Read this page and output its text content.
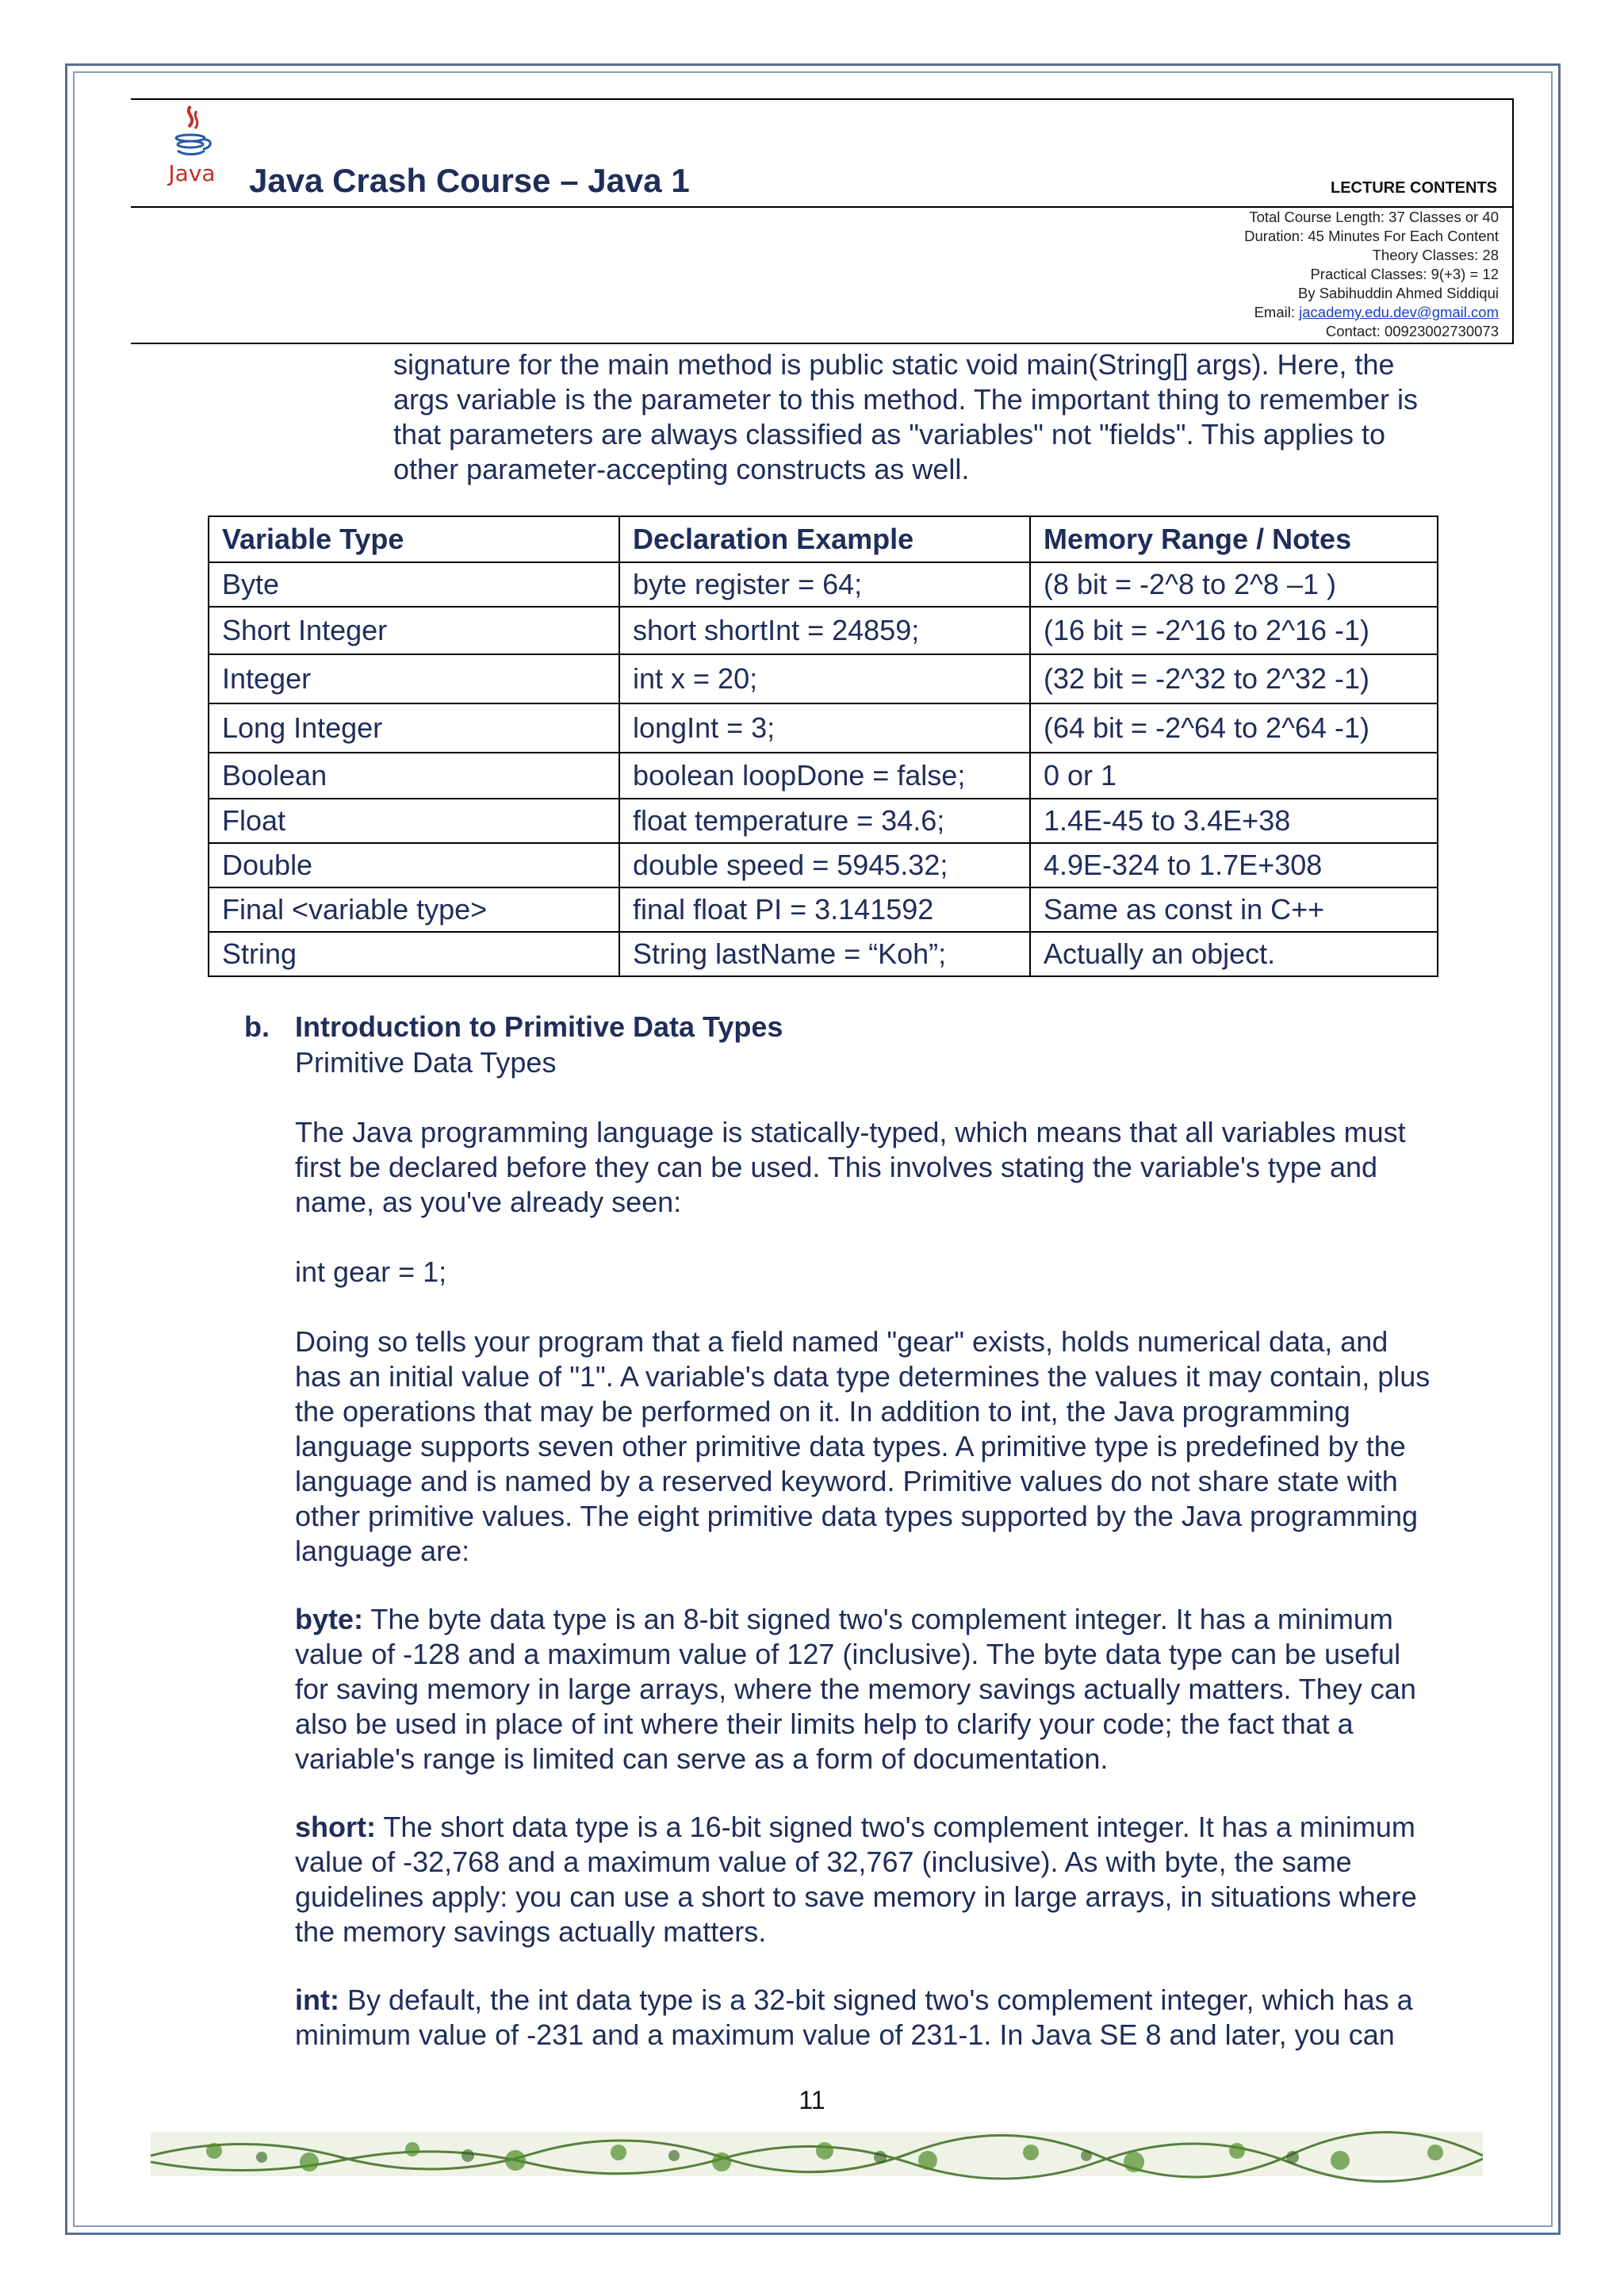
Java Java Crash Course – Java 1	LECTURE CONTENTS
Total Course Length: 37 Classes or 40
Duration: 45 Minutes For Each Content
Theory Classes: 28
Practical Classes: 9(+3) = 12
By Sabihuddin Ahmed Siddiqui
Email: jacademy.edu.dev@gmail.com
Contact: 00923002730073
signature for the main method is public static void main(String[] args). Here, the
args variable is the parameter to this method. The important thing to remember is
that parameters are always classified as "variables" not "fields". This applies to
other parameter-accepting constructs as well.
Variable Type	Declaration Example	Memory Range / Notes
Byte	byte register = 64;	(8 bit = -2^8 to 2^8 –1 )
Short Integer	short shortInt = 24859;	(16 bit = -2^16 to 2^16 -1)
Integer	int x = 20;	(32 bit = -2^32 to 2^32 -1)
Long Integer	longInt = 3;	(64 bit = -2^64 to 2^64 -1)
Boolean	boolean loopDone = false;	0 or 1
Float	float temperature = 34.6;	1.4E-45 to 3.4E+38
Double	double speed = 5945.32;	4.9E-324 to 1.7E+308
Final <variable type>	final float PI = 3.141592	Same as const in C++
String	String lastName = “Koh”;	Actually an object.
b. Introduction to Primitive Data Types
Primitive Data Types
The Java programming language is statically-typed, which means that all variables must
first be declared before they can be used. This involves stating the variable's type and
name, as you've already seen:
int gear = 1;
Doing so tells your program that a field named "gear" exists, holds numerical data, and
has an initial value of "1". A variable's data type determines the values it may contain, plus
the operations that may be performed on it. In addition to int, the Java programming
language supports seven other primitive data types. A primitive type is predefined by the
language and is named by a reserved keyword. Primitive values do not share state with
other primitive values. The eight primitive data types supported by the Java programming
language are:
byte: The byte data type is an 8-bit signed two's complement integer. It has a minimum
value of -128 and a maximum value of 127 (inclusive). The byte data type can be useful
for saving memory in large arrays, where the memory savings actually matters. They can
also be used in place of int where their limits help to clarify your code; the fact that a
variable's range is limited can serve as a form of documentation.
short: The short data type is a 16-bit signed two's complement integer. It has a minimum
value of -32,768 and a maximum value of 32,767 (inclusive). As with byte, the same
guidelines apply: you can use a short to save memory in large arrays, in situations where
the memory savings actually matters.
int: By default, the int data type is a 32-bit signed two's complement integer, which has a
minimum value of -231 and a maximum value of 231-1. In Java SE 8 and later, you can
11
